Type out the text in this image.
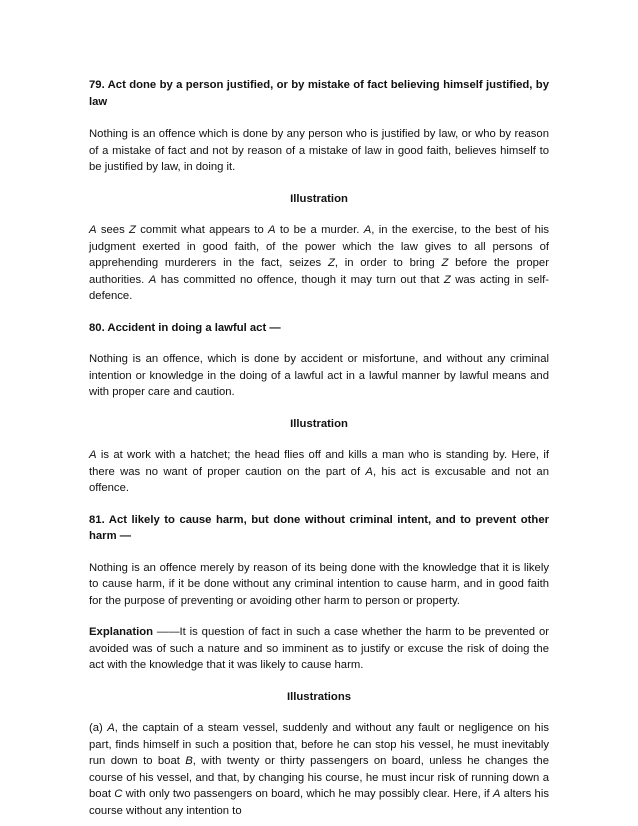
79. Act done by a person justified, or by mistake of fact believing himself justified, by law

Nothing is an offence which is done by any person who is justified by law, or who by reason of a mistake of fact and not by reason of a mistake of law in good faith, believes himself to be justified by law, in doing it.

Illustration

A sees Z commit what appears to A to be a murder. A, in the exercise, to the best of his judgment exerted in good faith, of the power which the law gives to all persons of apprehending murderers in the fact, seizes Z, in order to bring Z before the proper authorities. A has committed no offence, though it may turn out that Z was acting in self-defence.

80. Accident in doing a lawful act —

Nothing is an offence, which is done by accident or misfortune, and without any criminal intention or knowledge in the doing of a lawful act in a lawful manner by lawful means and with proper care and caution.

Illustration

A is at work with a hatchet; the head flies off and kills a man who is standing by. Here, if there was no want of proper caution on the part of A, his act is excusable and not an offence.

81. Act likely to cause harm, but done without criminal intent, and to prevent other harm —

Nothing is an offence merely by reason of its being done with the knowledge that it is likely to cause harm, if it be done without any criminal intention to cause harm, and in good faith for the purpose of preventing or avoiding other harm to person or property.

Explanation ——It is question of fact in such a case whether the harm to be prevented or avoided was of such a nature and so imminent as to justify or excuse the risk of doing the act with the knowledge that it was likely to cause harm.

Illustrations

(a) A, the captain of a steam vessel, suddenly and without any fault or negligence on his part, finds himself in such a position that, before he can stop his vessel, he must inevitably run down to boat B, with twenty or thirty passengers on board, unless he changes the course of his vessel, and that, by changing his course, he must incur risk of running down a boat C with only two passengers on board, which he may possibly clear. Here, if A alters his course without any intention to
